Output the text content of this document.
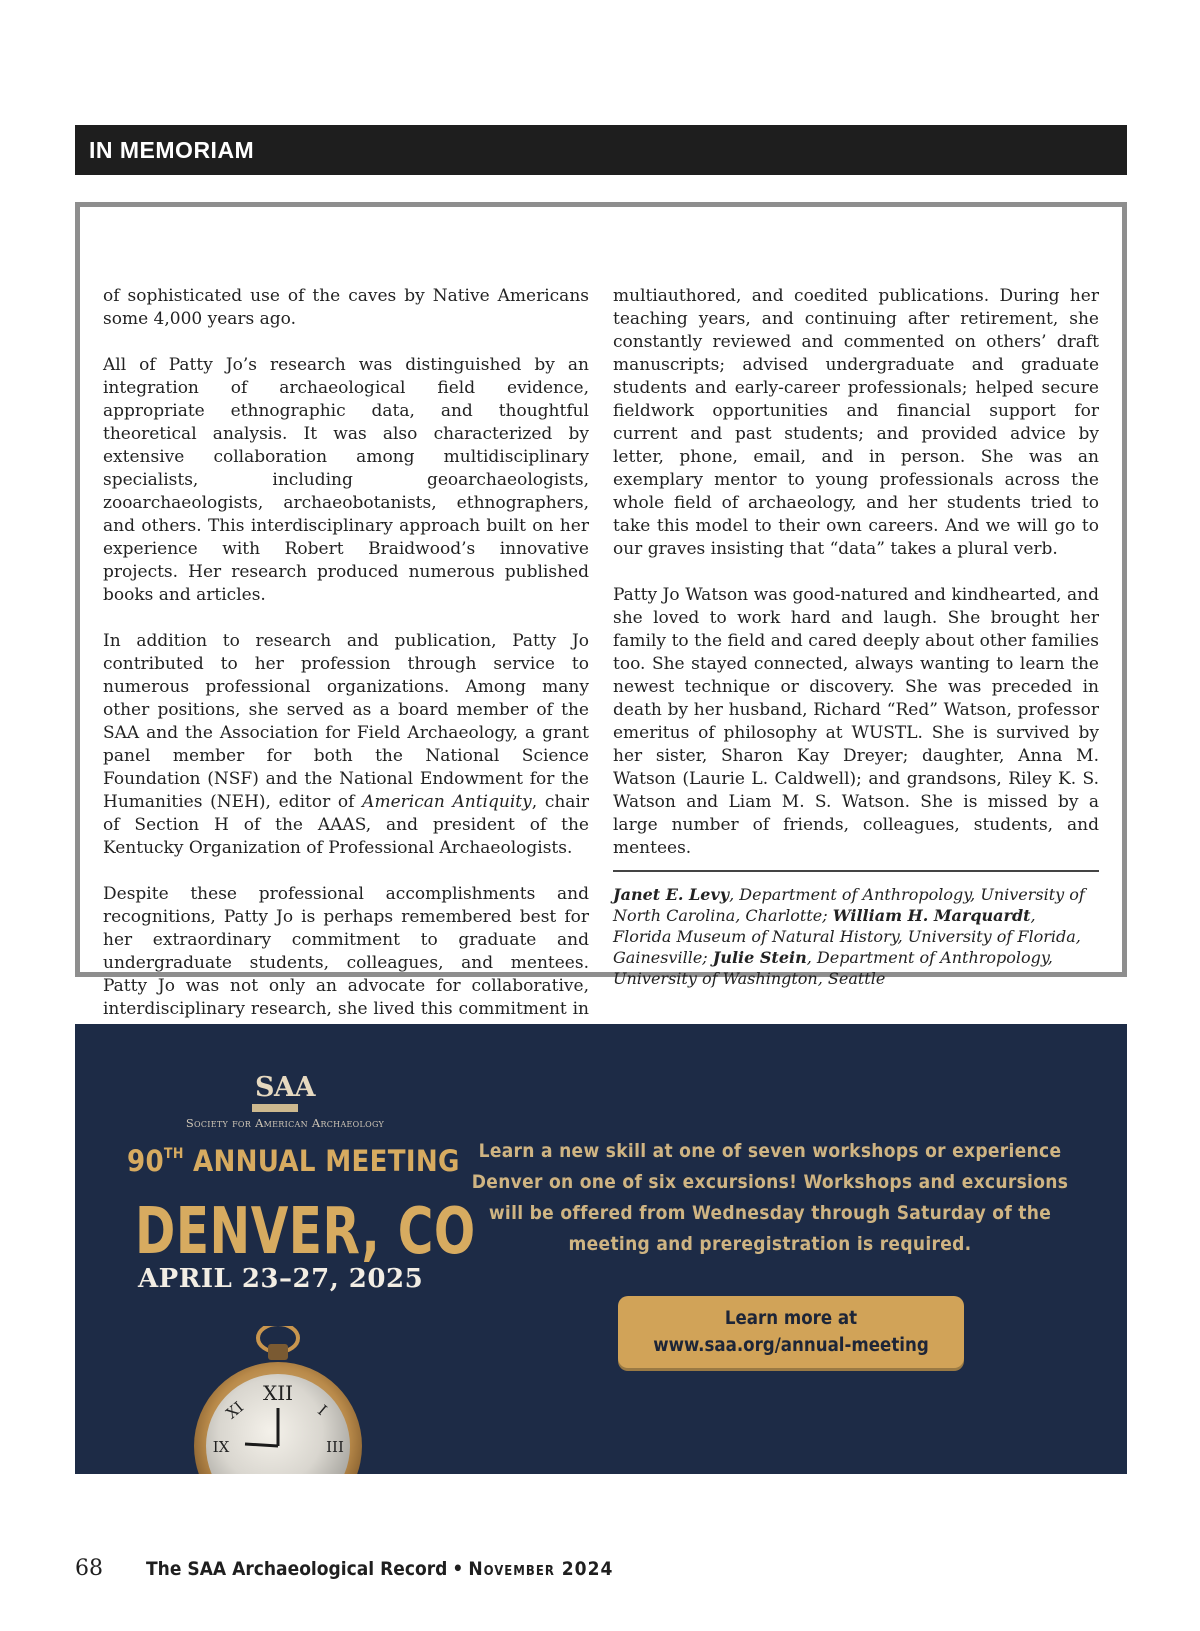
IN MEMORIAM

of sophisticated use of the caves by Native Americans some 4,000 years ago.

All of Patty Jo’s research was distinguished by an integration of archaeological field evidence, appropriate ethnographic data, and thoughtful theoretical analysis. It was also characterized by extensive collaboration among multidisciplinary specialists, including geoarchaeologists, zooarchaeologists, archaeobotanists, ethnographers, and others. This interdisciplinary approach built on her experience with Robert Braidwood’s innovative projects. Her research produced numerous published books and articles.

In addition to research and publication, Patty Jo contributed to her profession through service to numerous professional organizations. Among many other positions, she served as a board member of the SAA and the Association for Field Archaeology, a grant panel member for both the National Science Foundation (NSF) and the National Endowment for the Humanities (NEH), editor of American Antiquity, chair of Section H of the AAAS, and president of the Kentucky Organization of Professional Archaeologists.

Despite these professional accomplishments and recognitions, Patty Jo is perhaps remembered best for her extraordinary commitment to graduate and undergraduate students, colleagues, and mentees. Patty Jo was not only an advocate for collaborative, interdisciplinary research, she lived this commitment in

multiauthored, and coedited publications. During her teaching years, and continuing after retirement, she constantly reviewed and commented on others’ draft manuscripts; advised undergraduate and graduate students and early-career professionals; helped secure fieldwork opportunities and financial support for current and past students; and provided advice by letter, phone, email, and in person. She was an exemplary mentor to young professionals across the whole field of archaeology, and her students tried to take this model to their own careers. And we will go to our graves insisting that “data” takes a plural verb.

Patty Jo Watson was good-natured and kindhearted, and she loved to work hard and laugh. She brought her family to the field and cared deeply about other families too. She stayed connected, always wanting to learn the newest technique or discovery. She was preceded in death by her husband, Richard “Red” Watson, professor emeritus of philosophy at WUSTL. She is survived by her sister, Sharon Kay Dreyer; daughter, Anna M. Watson (Laurie L. Caldwell); and grandsons, Riley K. S. Watson and Liam M. S. Watson. She is missed by a large number of friends, colleagues, students, and mentees.

Janet E. Levy, Department of Anthropology, University of North Carolina, Charlotte; William H. Marquardt, Florida Museum of Natural History, University of Florida, Gainesville; Julie Stein, Department of Anthropology, University of Washington, Seattle
SAA
Society for American Archaeology
90TH ANNUAL MEETING
DENVER, CO
APRIL 23–27, 2025
Learn a new skill at one of seven workshops or experience Denver on one of six excursions! Workshops and excursions will be offered from Wednesday through Saturday of the meeting and preregistration is required.
Learn more at
www.saa.org/annual-meeting
XII
XI	I
IX	III
68 The SAA Archaeological Record • November 2024
